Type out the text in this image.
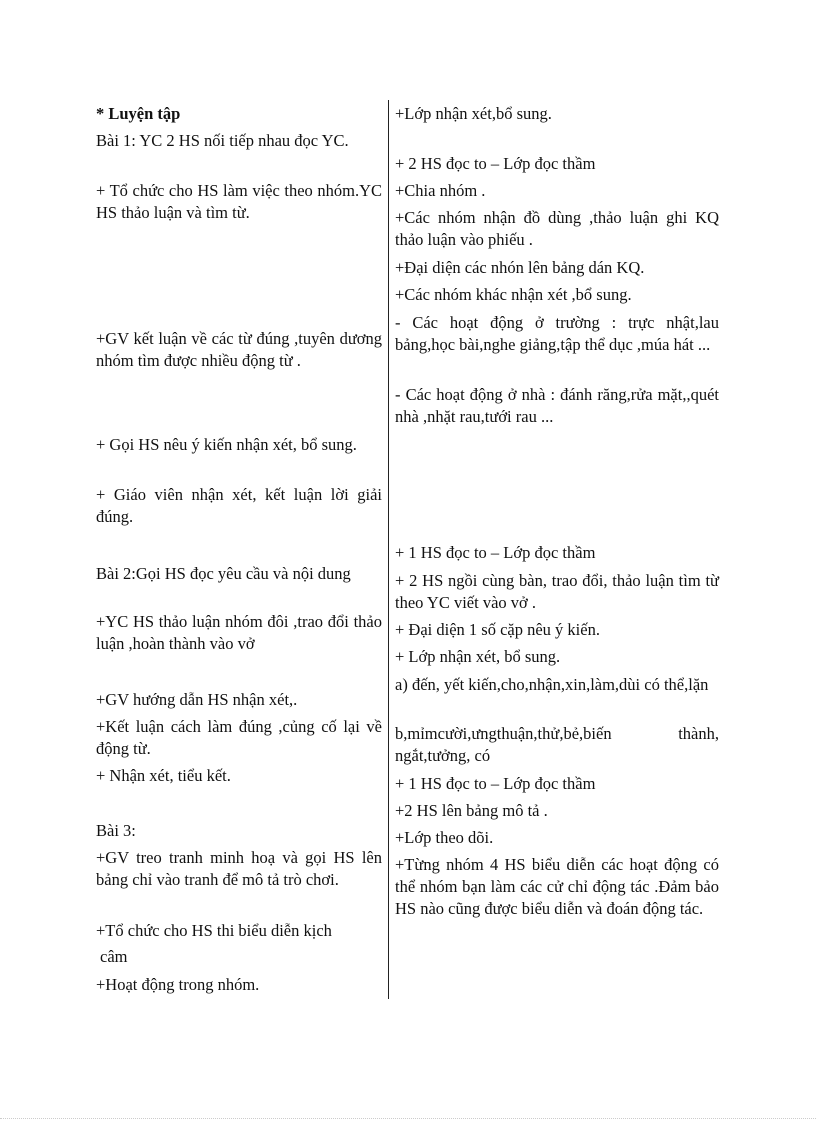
* Luyện tập
Bài 1: YC 2 HS nối tiếp nhau đọc YC.
+ Tổ chức cho HS làm việc theo nhóm.YC HS thảo luận và tìm từ.
+GV kết luận về các từ đúng ,tuyên dương nhóm tìm được nhiều động từ .
+ Gọi HS nêu ý kiến nhận xét, bổ sung.
+ Giáo viên nhận xét, kết luận lời giải đúng.
Bài 2:Gọi HS đọc yêu cầu và nội dung
+YC HS thảo luận nhóm đôi ,trao đổi thảo luận ,hoàn thành vào vở
+GV hướng dẫn HS nhận xét,.
+Kết luận cách làm đúng ,củng cố lại về động từ.
+ Nhận xét, tiểu kết.
Bài 3:
+GV treo tranh minh hoạ và gọi HS lên bảng chỉ vào tranh để mô tả trò chơi.
+Tổ chức cho HS thi biểu diễn kịch
câm
+Hoạt động trong nhóm.
+Lớp nhận xét,bổ sung.
+ 2 HS đọc to – Lớp đọc thầm
+Chia nhóm .
+Các nhóm nhận đồ dùng ,thảo luận ghi KQ thảo luận vào phiếu .
+Đại diện các nhón lên bảng dán KQ.
+Các nhóm khác nhận xét ,bổ sung.
- Các hoạt động ở trường : trực nhật,lau bảng,học bài,nghe giảng,tập thể dục ,múa hát ...
- Các hoạt động ở nhà : đánh răng,rửa mặt,,quét nhà ,nhặt rau,tưới rau ...
+ 1 HS đọc to – Lớp đọc thầm
+ 2 HS ngồi cùng bàn, trao đổi, thảo luận tìm từ theo YC viết vào vở .
+ Đại diện 1 số cặp nêu ý kiến.
+ Lớp nhận xét, bổ sung.
a) đến, yết kiến,cho,nhận,xin,làm,dùi có thể,lặn
b,mỉmcười,ưngthuận,thử,bẻ,biến thành, ngắt,tưởng, có
+ 1 HS đọc to – Lớp đọc thầm
+2 HS lên bảng mô tả .
+Lớp theo dõi.
+Từng nhóm 4 HS biểu diễn các hoạt động có thể nhóm bạn làm các cử chỉ động tác .Đảm bảo HS nào cũng được biểu diễn và đoán động tác.
